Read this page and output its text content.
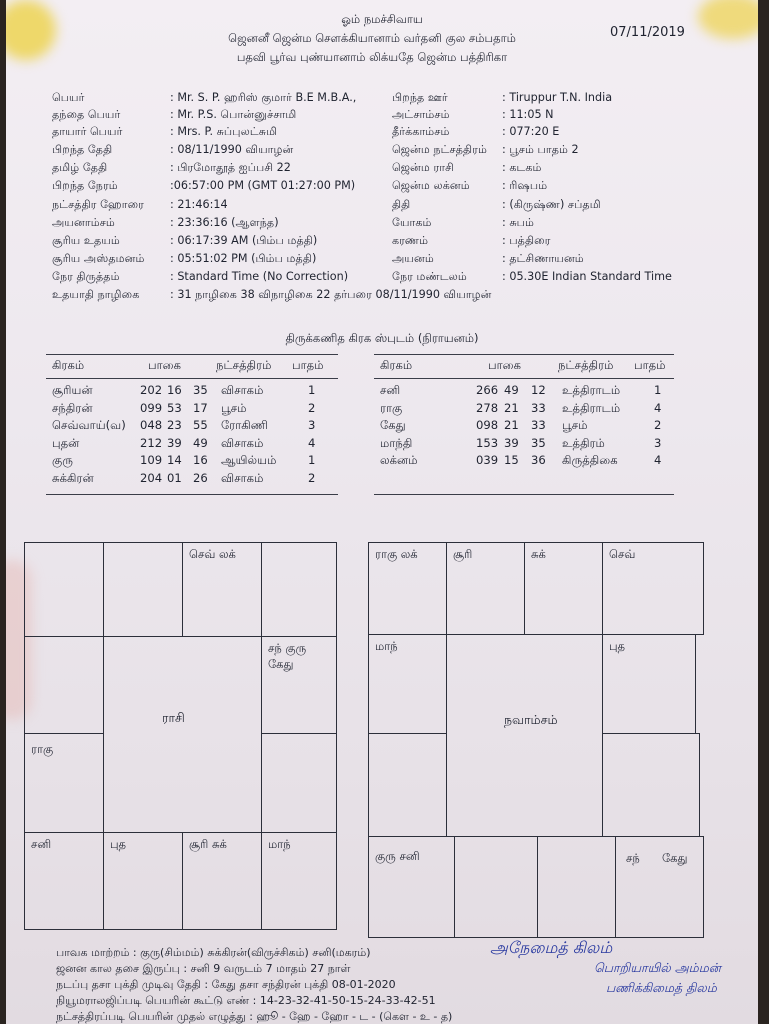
ஓம் நமச்சிவாய
ஜெனனீ ஜென்ம சௌக்கியானாம் வர்தனி குல சம்பதாம்
பதவி பூர்வ புண்யானாம் லிக்யதே ஜென்ம பத்திரிகா
07/11/2019
பெயர்	: Mr. S. P. ஹரிஸ் குமார் B.E M.B.A.,	பிறந்த ஊர்	: Tiruppur T.N. India
தந்தை பெயர்	: Mr. P.S. பொன்னுச்சாமி	அட்சாம்சம்	: 11:05 N
தாயார் பெயர்	: Mrs. P. சுப்புலட்சுமி	தீர்க்காம்சம்	: 077:20 E
பிறந்த தேதி	: 08/11/1990 வியாழன்	ஜென்ம நட்சத்திரம் : பூசம் பாதம் 2
தமிழ் தேதி	: பிரமோதூத் ஐப்பசி 22	ஜென்ம ராசி	: கடகம்
பிறந்த நேரம்	:06:57:00 PM (GMT 01:27:00 PM)	ஜென்ம லக்னம்	: ரிஷபம்
நட்சத்திர ஹோரை : 21:46:14	திதி	: (கிருஷ்ண) சப்தமி
அயனாம்சம்	: 23:36:16 (ஆளந்த)	யோகம்	: சுபம்
சூரிய உதயம்	: 06:17:39 AM (பிம்ப மத்தி)	கரணம்	: பத்திரை
சூரிய அஸ்தமனம் : 05:51:02 PM (பிம்ப மத்தி)	அயனம்	: தட்சிணாயனம்
நேர திருத்தம்	: Standard Time (No Correction)	நேர மண்டலம்	: 05.30E Indian Standard Time
உதயாதி நாழிகை	: 31 நாழிகை 38 விநாழிகை 22 தர்பரை 08/11/1990 வியாழன்
திருக்கணித கிரக ஸ்புடம் (நிராயனம்)
கிரகம்	பாகை	நட்சத்திரம் பாதம்
சூரியன்	202 16 35 விசாகம்	1
சந்திரன்	099 53 17 பூசம்	2
செவ்வாய்(வ) 048 23 55 ரோகிணி	3
புதன்	212 39 49 விசாகம்	4
குரு	109 14 16 ஆயில்யம்	1
சுக்கிரன்	204 01 26 விசாகம்	2
கிரகம்	பாகை	நட்சத்திரம் பாதம்
சனி	266 49 12 உத்திராடம்	1
ராகு	278 21 33 உத்திராடம்	4
கேது	098 21 33 பூசம்	2
மாந்தி	153 39 35 உத்திரம்	3
லக்னம்	039 15 36 கிருத்திகை	4
செவ் லக்
ராகு
சந் குரு
கேது
ராசி
சனி	புத	சூரி சுக்	மாந்
ராகு லக்	சூரி	சுக்	செவ்
மாந்	புத
நவாம்சம்
குரு சனி	சந் கேது
பாவக மாற்றம் : குரு(சிம்மம்) சுக்கிரன்(விருச்சிகம்) சனி(மகரம்)
ஜனன கால தசை இருப்பு : சனி 9 வருடம் 7 மாதம் 27 நாள்
நடப்பு தசா புக்தி முடிவு தேதி : கேது தசா சந்திரன் புக்தி 08-01-2020
நியூமராலஜிப்படி பெயரின் கூட்டு எண் : 14-23-32-41-50-15-24-33-42-51
நட்சத்திரப்படி பெயரின் முதல் எழுத்து : ஹூ - ஹே - ஹோ - ட - (கௌ - உ - த)
அநேமைத் கிலம்
பொறியாயில் அம்மன்
பணிக்கிமைத் திலம்
